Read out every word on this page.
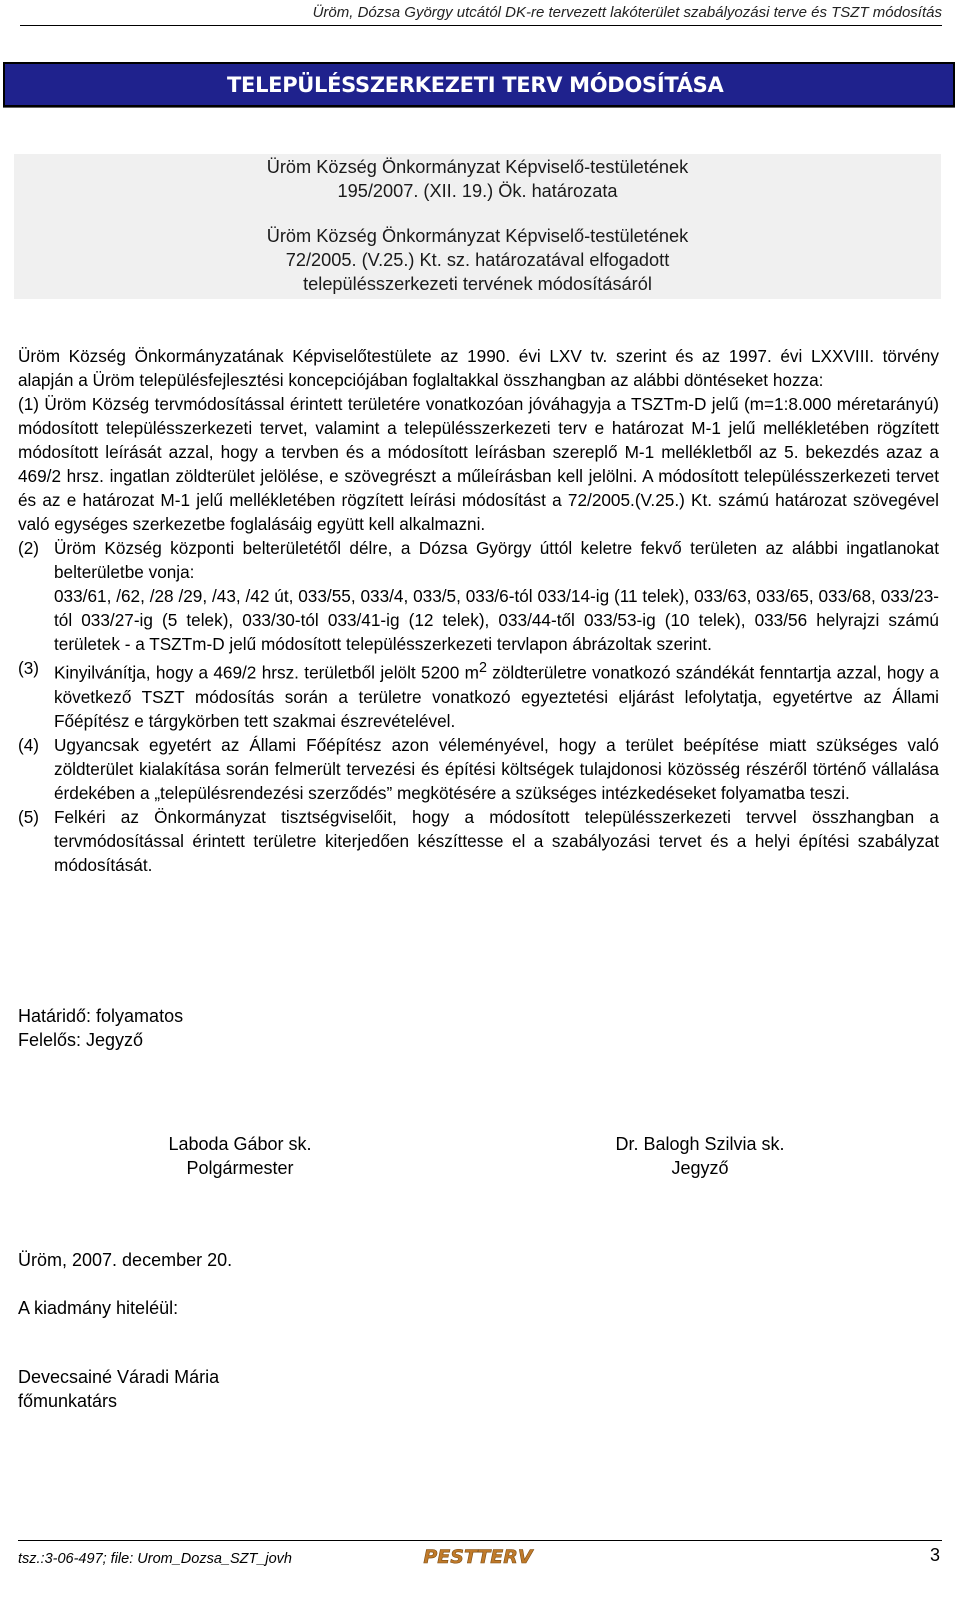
Üröm, Dózsa György utcától DK-re tervezett lakóterület szabályozási terve és TSZT módosítás
TELEPÜLÉSSZERKEZETI TERV MÓDOSÍTÁSA
Üröm Község Önkormányzat Képviselő-testületének
195/2007. (XII. 19.) Ök. határozata
Üröm Község Önkormányzat Képviselő-testületének
72/2005. (V.25.) Kt. sz. határozatával elfogadott
településszerkezeti tervének módosításáról

Üröm Község Önkormányzatának Képviselőtestülete az 1990. évi LXV tv. szerint és az 1997. évi LXXVIII. törvény alapján a Üröm településfejlesztési koncepciójában foglaltakkal összhangban az alábbi döntéseket hozza:

(1) Üröm Község tervmódosítással érintett területére vonatkozóan jóváhagyja a TSZTm-D jelű (m=1:8.000 méretarányú) módosított településszerkezeti tervet, valamint a településszerkezeti terv e határozat M-1 jelű mellékletében rögzített módosított leírását azzal, hogy a tervben és a módosított leírásban szereplő M-1 mellékletből az 5. bekezdés azaz a 469/2 hrsz. ingatlan zöldterület jelölése, e szövegrészt a műleírásban kell jelölni. A módosított településszerkezeti tervet és az e határozat M-1 jelű mellékletében rögzített leírási módosítást a 72/2005.(V.25.) Kt. számú határozat szövegével való egységes szerkezetbe foglalásáig együtt kell alkalmazni.
(2) Üröm Község központi belterületétől délre, a Dózsa György úttól keletre fekvő területen az alábbi ingatlanokat belterületbe vonja:
033/61, /62, /28 /29, /43, /42 út, 033/55, 033/4, 033/5, 033/6-tól 033/14-ig (11 telek), 033/63, 033/65, 033/68, 033/23-tól 033/27-ig (5 telek), 033/30-tól 033/41-ig (12 telek), 033/44-től 033/53-ig (10 telek), 033/56 helyrajzi számú területek - a TSZTm-D jelű módosított településszerkezeti tervlapon ábrázoltak szerint.
(3) Kinyilvánítja, hogy a 469/2 hrsz. területből jelölt 5200 $m^2$ zöldterületre vonatkozó szándékát fenntartja azzal, hogy a következő TSZT módosítás során a területre vonatkozó egyeztetési eljárást lefolytatja, egyetértve az Állami Főépítész e tárgykörben tett szakmai észrevételével.
(4) Ugyancsak egyetért az Állami Főépítész azon véleményével, hogy a terület beépítése miatt szükséges való zöldterület kialakítása során felmerült tervezési és építési költségek tulajdonosi közösség részéről történő vállalása érdekében a „településrendezési szerződés” megkötésére a szükséges intézkedéseket folyamatba teszi.
(5) Felkéri az Önkormányzat tisztségviselőit, hogy a módosított településszerkezeti tervvel összhangban a tervmódosítással érintett területre kiterjedően készíttesse el a szabályozási tervet és a helyi építési szabályzat módosítását.
Határidő: folyamatos
Felelős: Jegyző
Laboda Gábor sk.
Polgármester
Dr. Balogh Szilvia sk.
Jegyző
Üröm, 2007. december 20.
A kiadmány hiteléül:
Devecsainé Váradi Mária
főmunkatárs
tsz.:3-06-497; file: Urom_Dozsa_SZT_jovh	PESTTERV	3
